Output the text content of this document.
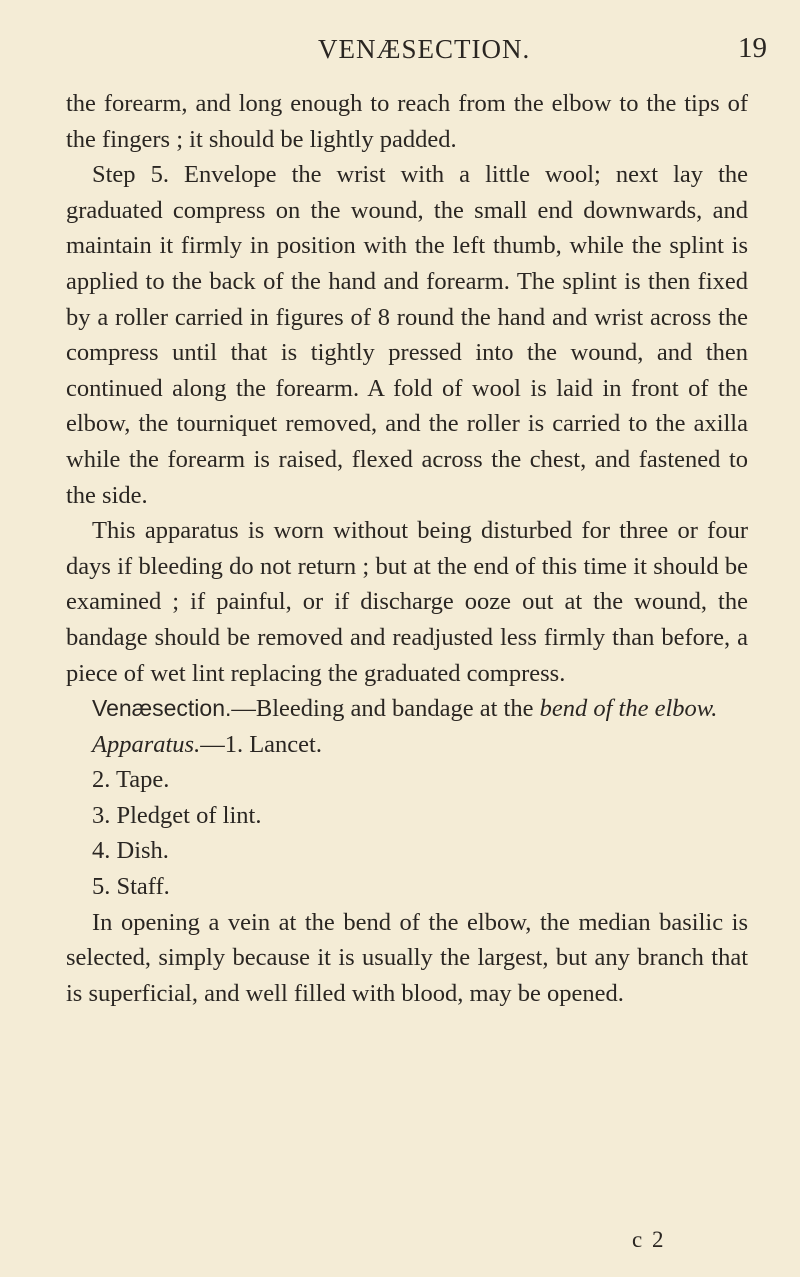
VENÆSECTION.	19

the forearm, and long enough to reach from the elbow to the tips of the fingers ; it should be lightly padded.

Step 5. Envelope the wrist with a little wool; next lay the graduated compress on the wound, the small end downwards, and maintain it firmly in position with the left thumb, while the splint is applied to the back of the hand and forearm. The splint is then fixed by a roller carried in figures of 8 round the hand and wrist across the compress until that is tightly pressed into the wound, and then continued along the forearm. A fold of wool is laid in front of the elbow, the tourniquet removed, and the roller is carried to the axilla while the forearm is raised, flexed across the chest, and fastened to the side.

This apparatus is worn without being disturbed for three or four days if bleeding do not return ; but at the end of this time it should be examined ; if painful, or if discharge ooze out at the wound, the bandage should be removed and readjusted less firmly than before, a piece of wet lint replacing the graduated compress.

Venæsection.—Bleeding and bandage at the bend of the elbow.

Apparatus.—1. Lancet.

2. Tape.
3. Pledget of lint.
4. Dish.
5. Staff.

In opening a vein at the bend of the elbow, the median basilic is selected, simply because it is usually the largest, but any branch that is superficial, and well filled with blood, may be opened.

c 2
